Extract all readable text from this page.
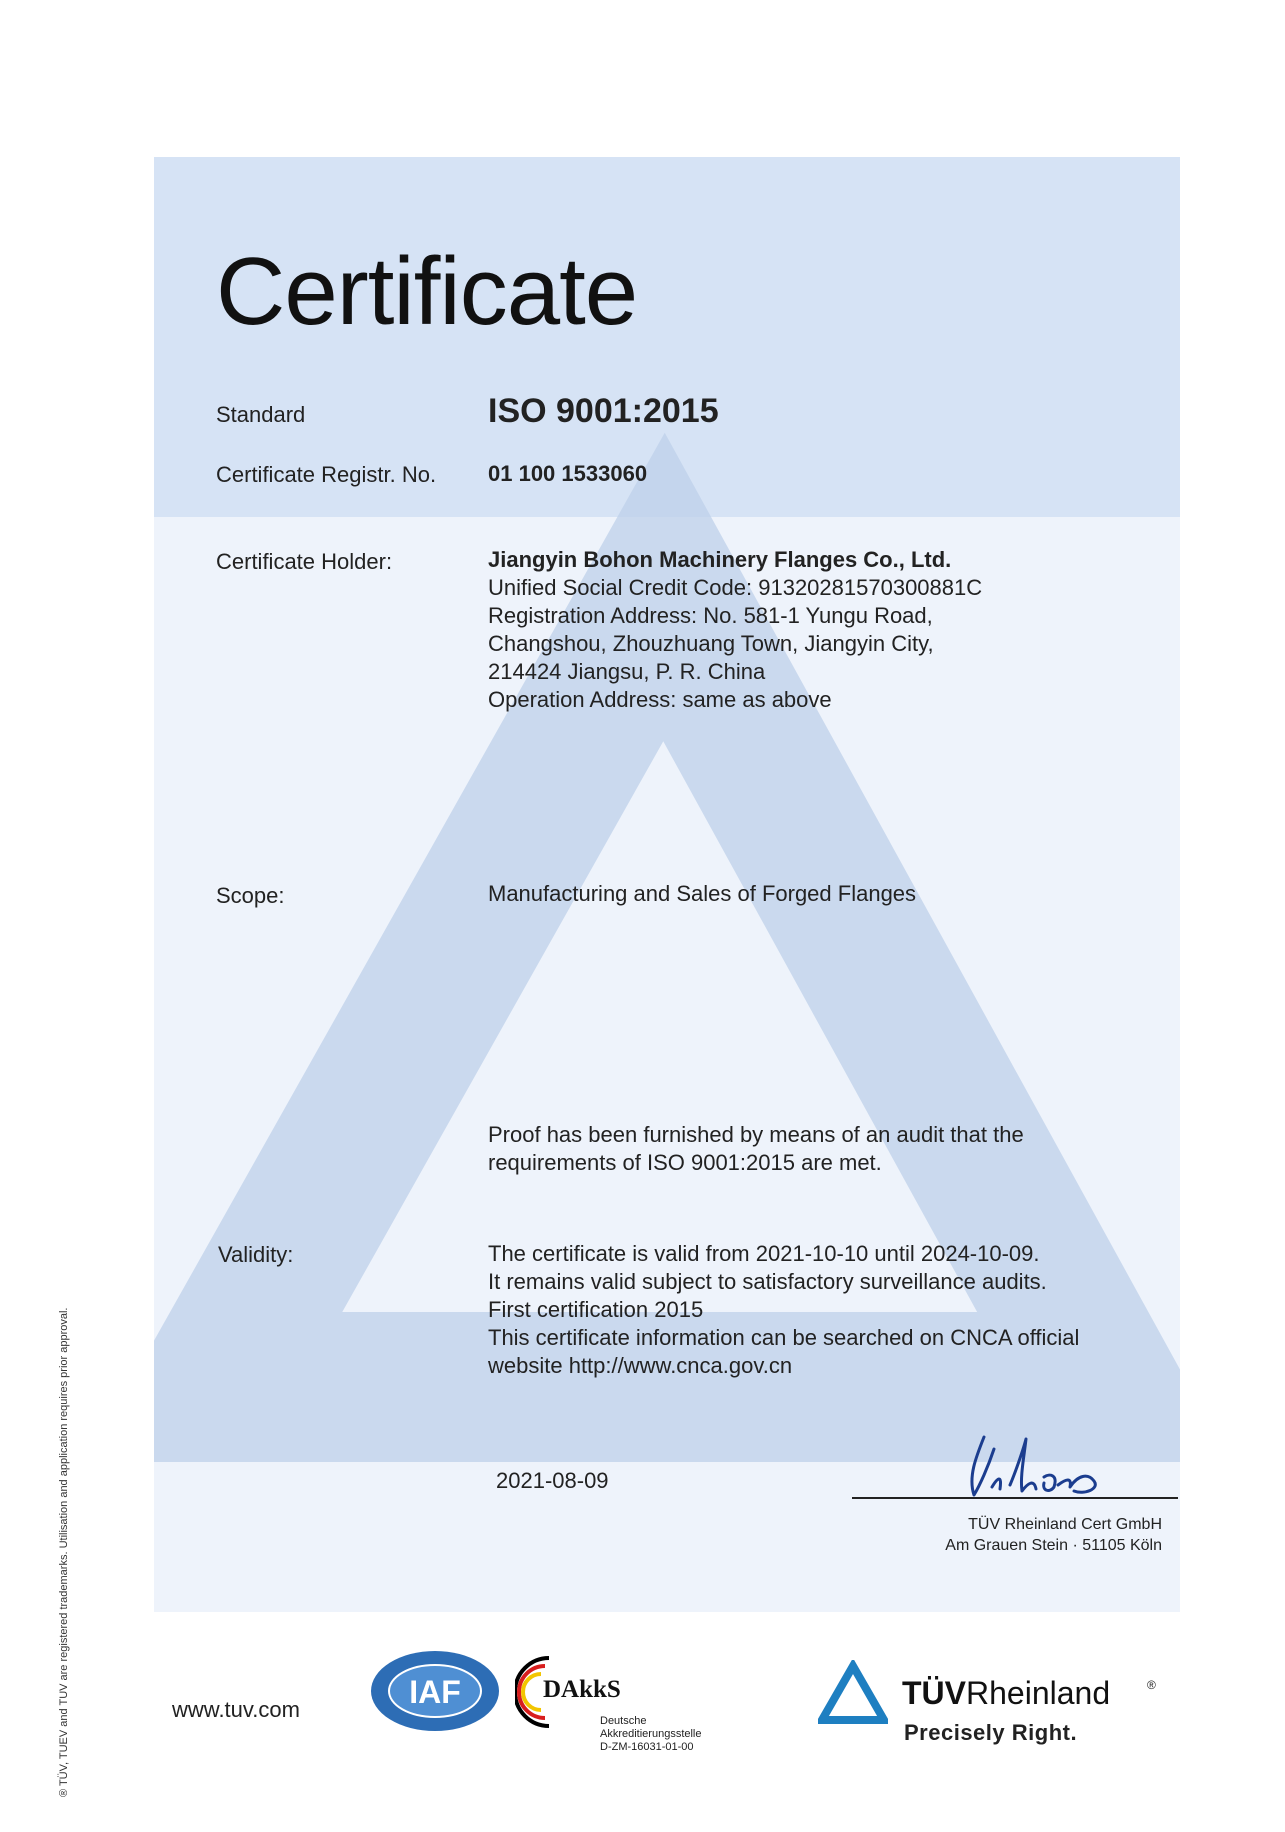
Certificate
Standard	ISO 9001:2015
Certificate Registr. No. 01 100 1533060
Certificate Holder:	Jiangyin Bohon Machinery Flanges Co., Ltd.
Unified Social Credit Code: 91320281570300881C
Registration Address: No. 581-1 Yungu Road,
Changshou, Zhouzhuang Town, Jiangyin City,
214424 Jiangsu, P. R. China
Operation Address: same as above
Scope:	Manufacturing and Sales of Forged Flanges
Proof has been furnished by means of an audit that the
requirements of ISO 9001:2015 are met.
Validity:	The certificate is valid from 2021-10-10 until 2024-10-09.
It remains valid subject to satisfactory surveillance audits.
First certification 2015
This certificate information can be searched on CNCA official
website http://www.cnca.gov.cn
2021-08-09
TÜV Rheinland Cert GmbH
Am Grauen Stein · 51105 Köln
® TÜV, TUEV and TUV are registered trademarks. Utilisation and application requires prior approval.	www.tuv.com	IAF	DAkkS
Deutsche
Akkreditierungsstelle
D-ZM-16031-01-00
TÜVRheinland	®
Precisely Right.
